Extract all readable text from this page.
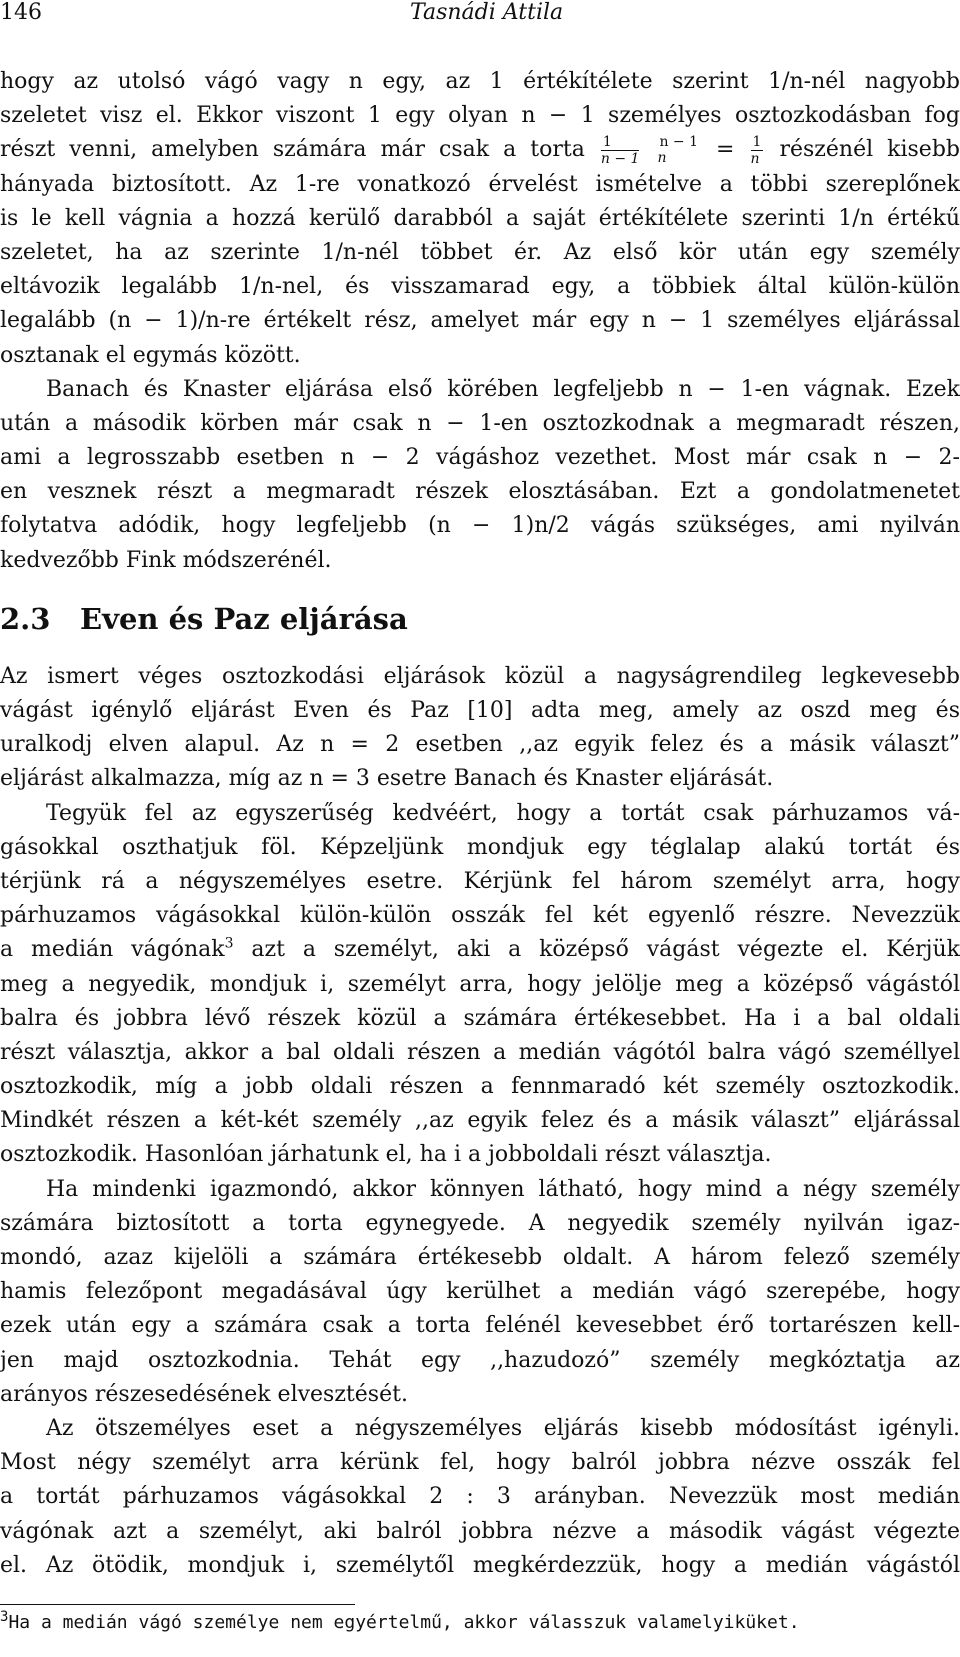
146	Tasnádi Attila
hogy az utolsó vágó vagy n egy, az 1 értékítélete szerint 1/n-nél nagyobb
szeletet visz el. Ekkor viszont 1 egy olyan n − 1 személyes osztozkodásban fog
részt venni, amelyben számára már csak a torta $\frac{1}{n - 1}$
n − 1
n	= $\frac{1}{n}$ részénél kisebb
hányada biztosított. Az 1-re vonatkozó érvelést ismételve a többi szereplőnek
is le kell vágnia a hozzá kerülő darabból a saját értékítélete szerinti 1/n értékű
szeletet, ha az szerinte 1/n-nél többet ér. Az első kör után egy személy
eltávozik legalább 1/n-nel, és visszamarad egy, a többiek által külön-külön
legalább (n − 1)/n-re értékelt rész, amelyet már egy n − 1 személyes eljárással
osztanak el egymás között.
Banach és Knaster eljárása első körében legfeljebb n − 1-en vágnak. Ezek
után a második körben már csak n − 1-en osztozkodnak a megmaradt részen,
ami a legrosszabb esetben n − 2 vágáshoz vezethet. Most már csak n − 2-
en vesznek részt a megmaradt részek elosztásában. Ezt a gondolatmenetet
folytatva adódik, hogy legfeljebb (n − 1)n/2 vágás szükséges, ami nyilván
kedvezőbb Fink módszerénél.
2.3 Even és Paz eljárása
Az ismert véges osztozkodási eljárások közül a nagyságrendileg legkevesebb
vágást igénylő eljárást Even és Paz [10] adta meg, amely az oszd meg és
uralkodj elven alapul. Az n = 2 esetben ,,az egyik felez és a másik választ”
eljárást alkalmazza, míg az n = 3 esetre Banach és Knaster eljárását.
Tegyük fel az egyszerűség kedvéért, hogy a tortát csak párhuzamos vá-
gásokkal oszthatjuk föl. Képzeljünk mondjuk egy téglalap alakú tortát és
térjünk rá a négyszemélyes esetre. Kérjünk fel három személyt arra, hogy
párhuzamos vágásokkal külön-külön osszák fel két egyenlő részre. Nevezzük
a medián vágónak$^3$ azt a személyt, aki a középső vágást végezte el. Kérjük
meg a negyedik, mondjuk i, személyt arra, hogy jelölje meg a középső vágástól
balra és jobbra lévő részek közül a számára értékesebbet. Ha i a bal oldali
részt választja, akkor a bal oldali részen a medián vágótól balra vágó személlyel
osztozkodik, míg a jobb oldali részen a fennmaradó két személy osztozkodik.
Mindkét részen a két-két személy ,,az egyik felez és a másik választ” eljárással
osztozkodik. Hasonlóan járhatunk el, ha i a jobboldali részt választja.
Ha mindenki igazmondó, akkor könnyen látható, hogy mind a négy személy
számára biztosított a torta egynegyede. A negyedik személy nyilván igaz-
mondó, azaz kijelöli a számára értékesebb oldalt. A három felező személy
hamis felezőpont megadásával úgy kerülhet a medián vágó szerepébe, hogy
ezek után egy a számára csak a torta felénél kevesebbet érő tortarészen kell-
jen majd osztozkodnia. Tehát egy ,,hazudozó” személy megkóztatja az
arányos részesedésének elvesztését.
Az ötszemélyes eset a négyszemélyes eljárás kisebb módosítást igényli.
Most négy személyt arra kérünk fel, hogy balról jobbra nézve osszák fel
a tortát párhuzamos vágásokkal 2 : 3 arányban. Nevezzük most medián
vágónak azt a személyt, aki balról jobbra nézve a második vágást végezte
el. Az ötödik, mondjuk i, személytől megkérdezzük, hogy a medián vágástól
$^3$Ha a medián vágó személye nem egyértelmű, akkor válasszuk valamelyiküket.
